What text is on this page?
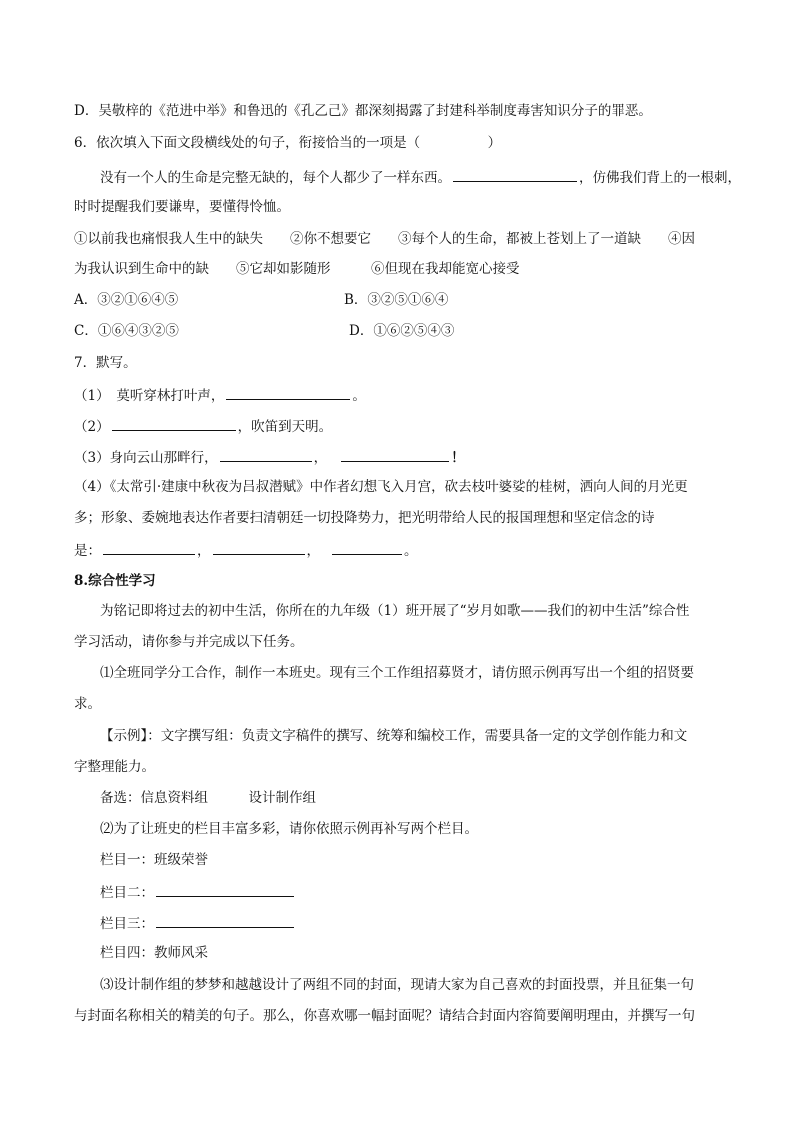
D．吴敬梓的《范进中举》和鲁迅的《孔乙己》都深刻揭露了封建科举制度毒害知识分子的罪恶。
6．依次填入下面文段横线处的句子，衔接恰当的一项是（　　　　　）
没有一个人的生命是完整无缺的，每个人都少了一样东西。	，仿佛我们背上的一根刺，
时时提醒我们要谦卑，要懂得怜恤。
①以前我也痛恨我人生中的缺失　　②你不想要它　　③每个人的生命，都被上苍划上了一道缺　　④因
为我认识到生命中的缺　　⑤它却如影随形　　　⑥但现在我却能宽心接受
A．③②①⑥④⑤	B．③②⑤①⑥④
C．①⑥④③②⑤	D．①⑥②⑤④③
7．默写。
（1）　莫听穿林打叶声，	。
（2）	，吹笛到天明。
（3）身向云山那畔行，	，	！
（4）《太常引·建康中秋夜为吕叔潜赋》中作者幻想飞入月宫，砍去枝叶婆娑的桂树，洒向人间的月光更
多；形象、委婉地表达作者要扫清朝廷一切投降势力，把光明带给人民的报国理想和坚定信念的诗
是：	，	，	。
8.综合性学习
为铭记即将过去的初中生活，你所在的九年级（1）班开展了“岁月如歌——我们的初中生活”综合性
学习活动，请你参与并完成以下任务。
⑴全班同学分工合作，制作一本班史。现有三个工作组招募贤才，请仿照示例再写出一个组的招贤要
求。
【示例】：文字撰写组：负责文字稿件的撰写、统筹和编校工作，需要具备一定的文学创作能力和文
字整理能力。
备选：信息资料组　　　设计制作组
⑵为了让班史的栏目丰富多彩，请你依照示例再补写两个栏目。
栏目一：班级荣誉
栏目二：
栏目三：
栏目四：教师风采
⑶设计制作组的梦梦和越越设计了两组不同的封面，现请大家为自己喜欢的封面投票，并且征集一句
与封面名称相关的精美的句子。那么，你喜欢哪一幅封面呢？请结合封面内容简要阐明理由，并撰写一句
